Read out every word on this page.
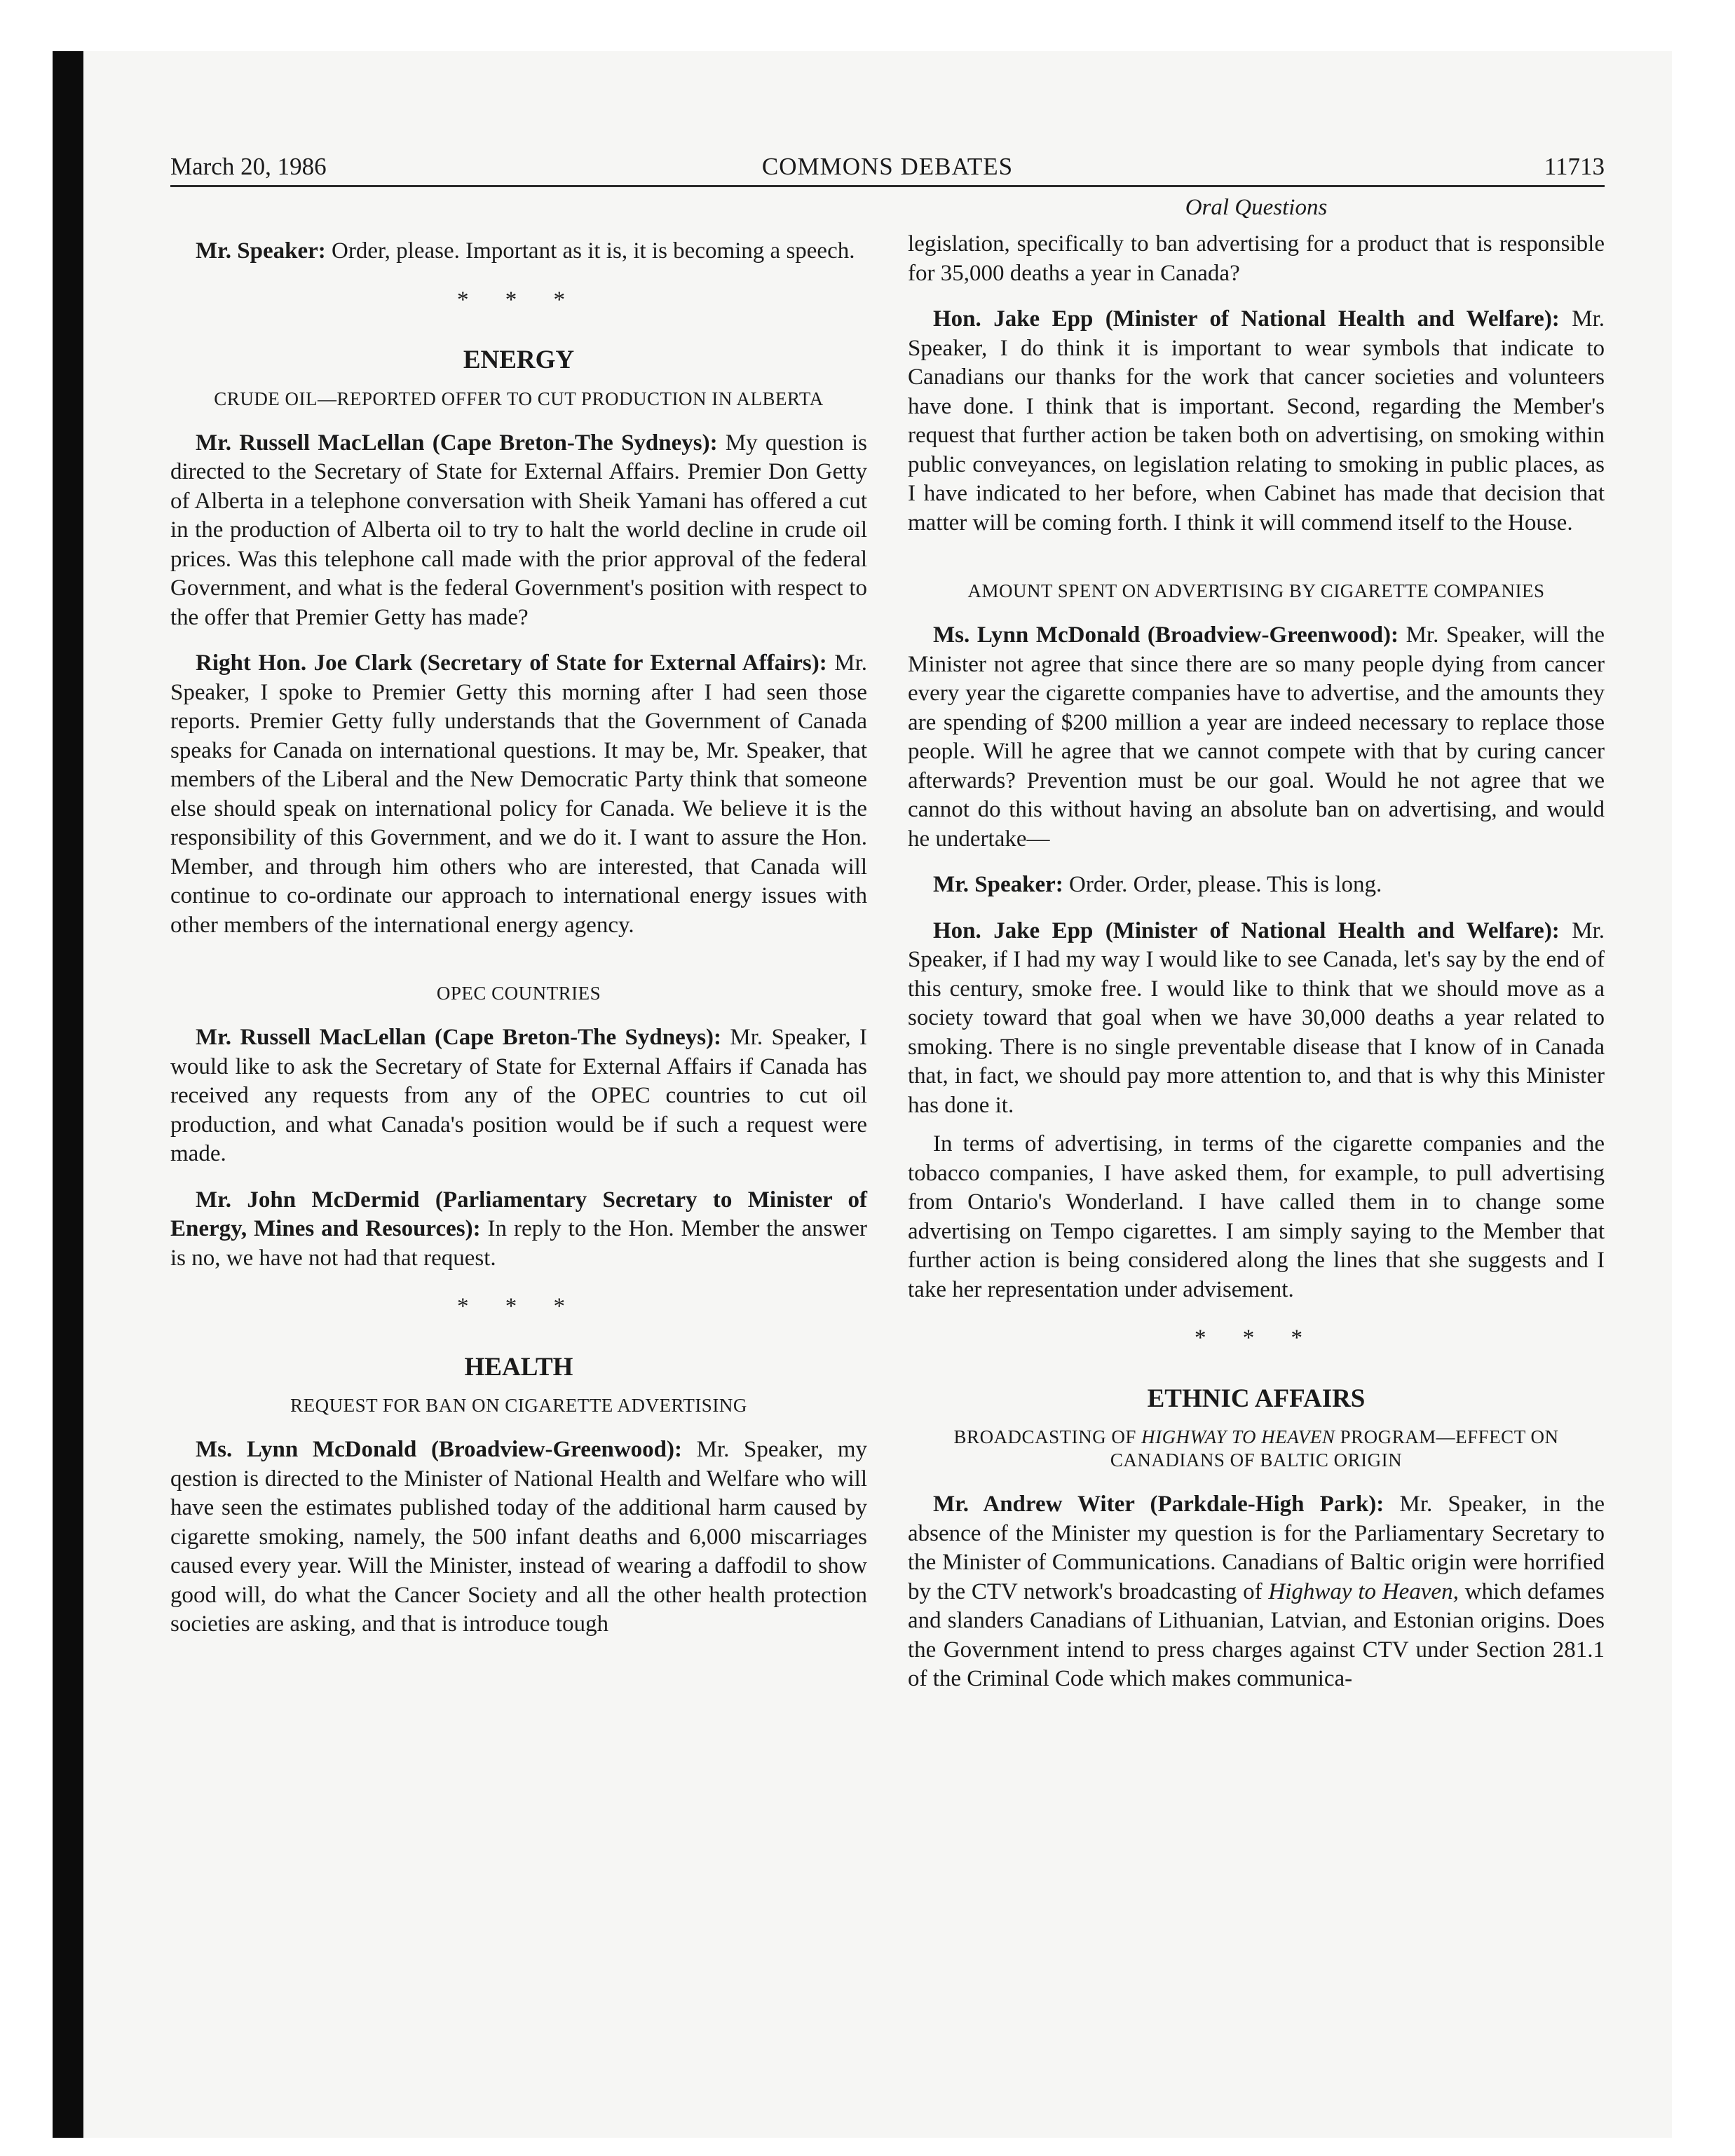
March 20, 1986	COMMONS DEBATES	11713
Oral Questions

Mr. Speaker: Order, please. Important as it is, it is becoming a speech.

* * *
ENERGY
CRUDE OIL—REPORTED OFFER TO CUT PRODUCTION IN ALBERTA

Mr. Russell MacLellan (Cape Breton-The Sydneys): My question is directed to the Secretary of State for External Affairs. Premier Don Getty of Alberta in a telephone conversation with Sheik Yamani has offered a cut in the production of Alberta oil to try to halt the world decline in crude oil prices. Was this telephone call made with the prior approval of the federal Government, and what is the federal Government's position with respect to the offer that Premier Getty has made?

Right Hon. Joe Clark (Secretary of State for External Affairs): Mr. Speaker, I spoke to Premier Getty this morning after I had seen those reports. Premier Getty fully understands that the Government of Canada speaks for Canada on international questions. It may be, Mr. Speaker, that members of the Liberal and the New Democratic Party think that someone else should speak on international policy for Canada. We believe it is the responsibility of this Government, and we do it. I want to assure the Hon. Member, and through him others who are interested, that Canada will continue to co-ordinate our approach to international energy issues with other members of the international energy agency.

OPEC COUNTRIES

Mr. Russell MacLellan (Cape Breton-The Sydneys): Mr. Speaker, I would like to ask the Secretary of State for External Affairs if Canada has received any requests from any of the OPEC countries to cut oil production, and what Canada's position would be if such a request were made.

Mr. John McDermid (Parliamentary Secretary to Minister of Energy, Mines and Resources): In reply to the Hon. Member the answer is no, we have not had that request.

* * *
HEALTH
REQUEST FOR BAN ON CIGARETTE ADVERTISING

Ms. Lynn McDonald (Broadview-Greenwood): Mr. Speaker, my qestion is directed to the Minister of National Health and Welfare who will have seen the estimates published today of the additional harm caused by cigarette smoking, namely, the 500 infant deaths and 6,000 miscarriages caused every year. Will the Minister, instead of wearing a daffodil to show good will, do what the Cancer Society and all the other health protection societies are asking, and that is introduce tough

legislation, specifically to ban advertising for a product that is responsible for 35,000 deaths a year in Canada?

Hon. Jake Epp (Minister of National Health and Welfare): Mr. Speaker, I do think it is important to wear symbols that indicate to Canadians our thanks for the work that cancer societies and volunteers have done. I think that is important. Second, regarding the Member's request that further action be taken both on advertising, on smoking within public conveyances, on legislation relating to smoking in public places, as I have indicated to her before, when Cabinet has made that decision that matter will be coming forth. I think it will commend itself to the House.

AMOUNT SPENT ON ADVERTISING BY CIGARETTE COMPANIES

Ms. Lynn McDonald (Broadview-Greenwood): Mr. Speaker, will the Minister not agree that since there are so many people dying from cancer every year the cigarette companies have to advertise, and the amounts they are spending of $200 million a year are indeed necessary to replace those people. Will he agree that we cannot compete with that by curing cancer afterwards? Prevention must be our goal. Would he not agree that we cannot do this without having an absolute ban on advertising, and would he undertake—

Mr. Speaker: Order. Order, please. This is long.

Hon. Jake Epp (Minister of National Health and Welfare): Mr. Speaker, if I had my way I would like to see Canada, let's say by the end of this century, smoke free. I would like to think that we should move as a society toward that goal when we have 30,000 deaths a year related to smoking. There is no single preventable disease that I know of in Canada that, in fact, we should pay more attention to, and that is why this Minister has done it.

In terms of advertising, in terms of the cigarette companies and the tobacco companies, I have asked them, for example, to pull advertising from Ontario's Wonderland. I have called them in to change some advertising on Tempo cigarettes. I am simply saying to the Member that further action is being considered along the lines that she suggests and I take her representation under advisement.

* * *
ETHNIC AFFAIRS
BROADCASTING OF HIGHWAY TO HEAVEN PROGRAM—EFFECT ON CANADIANS OF BALTIC ORIGIN

Mr. Andrew Witer (Parkdale-High Park): Mr. Speaker, in the absence of the Minister my question is for the Parliamentary Secretary to the Minister of Communications. Canadians of Baltic origin were horrified by the CTV network's broadcasting of Highway to Heaven, which defames and slanders Canadians of Lithuanian, Latvian, and Estonian origins. Does the Government intend to press charges against CTV under Section 281.1 of the Criminal Code which makes communica-
